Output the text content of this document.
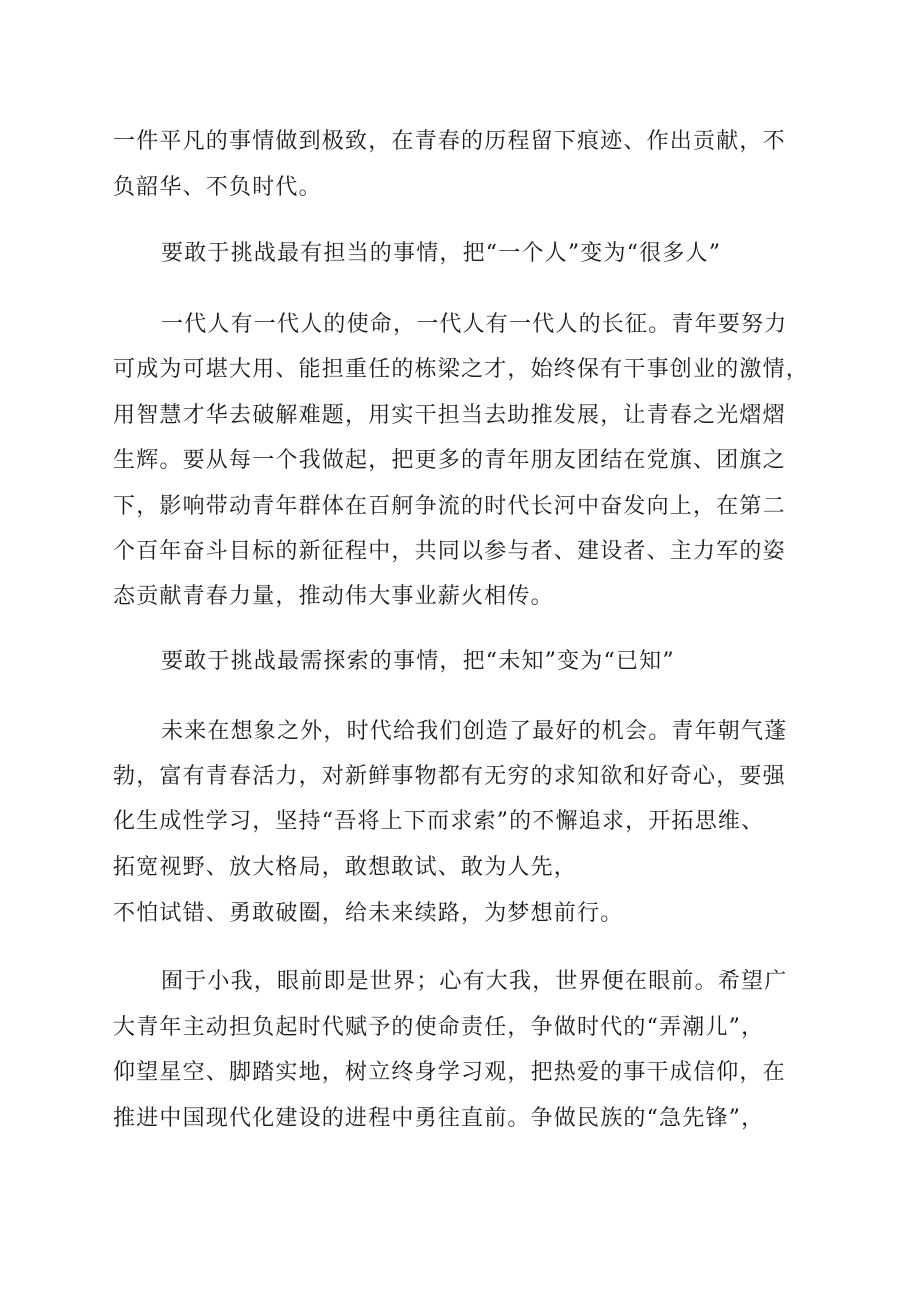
一件平凡的事情做到极致，在青春的历程留下痕迹、作出贡献，不
负韶华、不负时代。
要敢于挑战最有担当的事情，把“一个人”变为“很多人”
一代人有一代人的使命，一代人有一代人的长征。青年要努力
可成为可堪大用、能担重任的栋梁之才，始终保有干事创业的激情，
用智慧才华去破解难题，用实干担当去助推发展，让青春之光熠熠
生辉。要从每一个我做起，把更多的青年朋友团结在党旗、团旗之
下，影响带动青年群体在百舸争流的时代长河中奋发向上，在第二
个百年奋斗目标的新征程中，共同以参与者、建设者、主力军的姿
态贡献青春力量，推动伟大事业薪火相传。
要敢于挑战最需探索的事情，把“未知”变为“已知”
未来在想象之外，时代给我们创造了最好的机会。青年朝气蓬
勃，富有青春活力，对新鲜事物都有无穷的求知欲和好奇心，要强
化生成性学习，坚持“吾将上下而求索”的不懈追求，开拓思维、
拓宽视野、放大格局，敢想敢试、敢为人先，
不怕试错、勇敢破圈，给未来续路，为梦想前行。
囿于小我，眼前即是世界；心有大我，世界便在眼前。希望广
大青年主动担负起时代赋予的使命责任，争做时代的“弄潮儿”，
仰望星空、脚踏实地，树立终身学习观，把热爱的事干成信仰，在
推进中国现代化建设的进程中勇往直前。争做民族的“急先锋”，
